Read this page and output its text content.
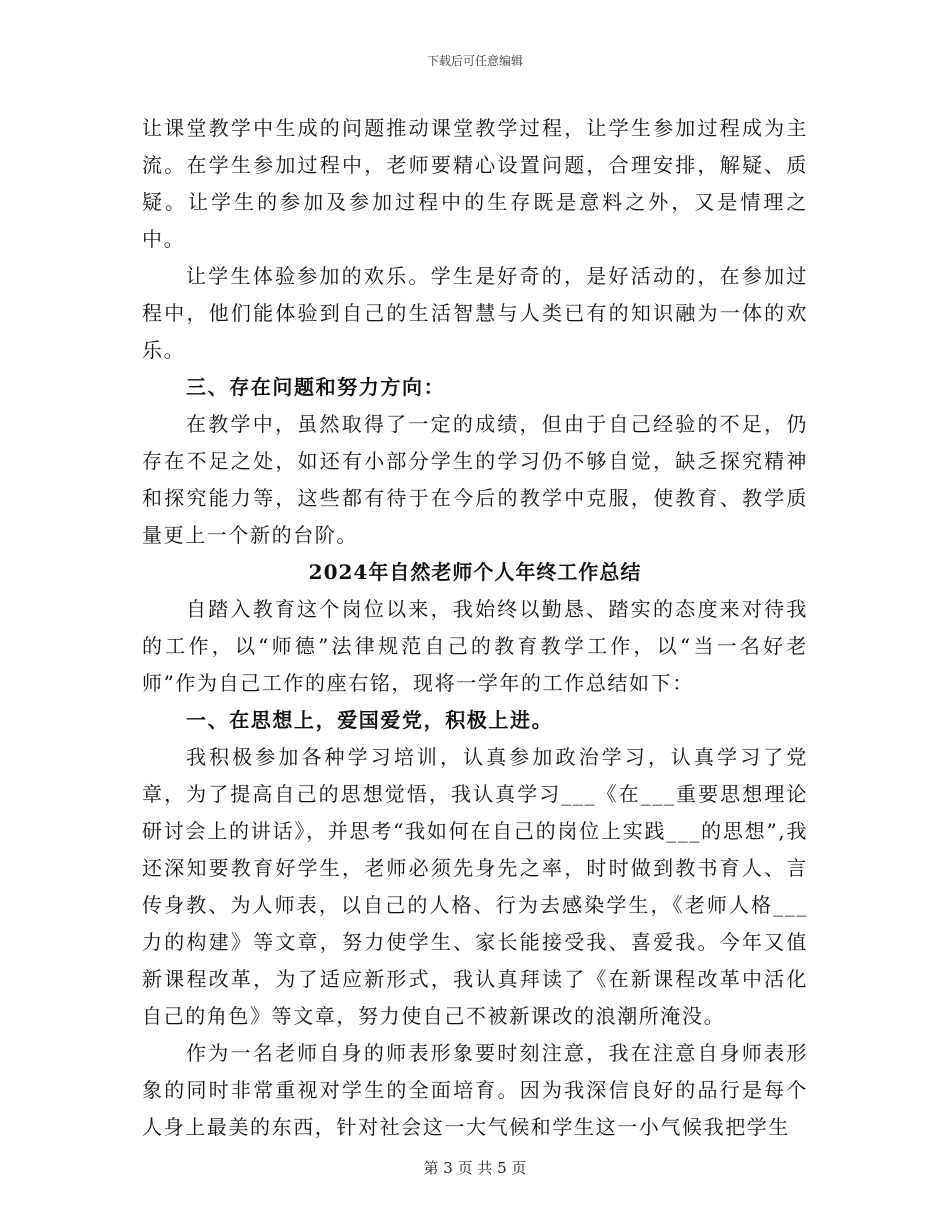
下载后可任意编辑

让课堂教学中生成的问题推动课堂教学过程，让学生参加过程成为主流。在学生参加过程中，老师要精心设置问题，合理安排，解疑、质疑。让学生的参加及参加过程中的生存既是意料之外，又是情理之中。

让学生体验参加的欢乐。学生是好奇的，是好活动的，在参加过程中，他们能体验到自己的生活智慧与人类已有的知识融为一体的欢乐。

三、存在问题和努力方向：

在教学中，虽然取得了一定的成绩，但由于自己经验的不足，仍存在不足之处，如还有小部分学生的学习仍不够自觉，缺乏探究精神和探究能力等，这些都有待于在今后的教学中克服，使教育、教学质量更上一个新的台阶。

2024年自然老师个人年终工作总结

自踏入教育这个岗位以来，我始终以勤恳、踏实的态度来对待我的工作，以“师德”法律规范自己的教育教学工作，以“当一名好老师”作为自己工作的座右铭，现将一学年的工作总结如下：

一、在思想上，爱国爱党，积极上进。

我积极参加各种学习培训，认真参加政治学习，认真学习了党章，为了提高自己的思想觉悟，我认真学习___《在___重要思想理论研讨会上的讲话》，并思考“我如何在自己的岗位上实践___的思想”,我还深知要教育好学生，老师必须先身先之率，时时做到教书育人、言传身教、为人师表，以自己的人格、行为去感染学生，《老师人格___力的构建》等文章，努力使学生、家长能接受我、喜爱我。今年又值新课程改革，为了适应新形式，我认真拜读了《在新课程改革中活化自己的角色》等文章，努力使自己不被新课改的浪潮所淹没。

作为一名老师自身的师表形象要时刻注意，我在注意自身师表形象的同时非常重视对学生的全面培育。因为我深信良好的品行是每个人身上最美的东西，针对社会这一大气候和学生这一小气候我把学生

第 3 页 共 5 页
